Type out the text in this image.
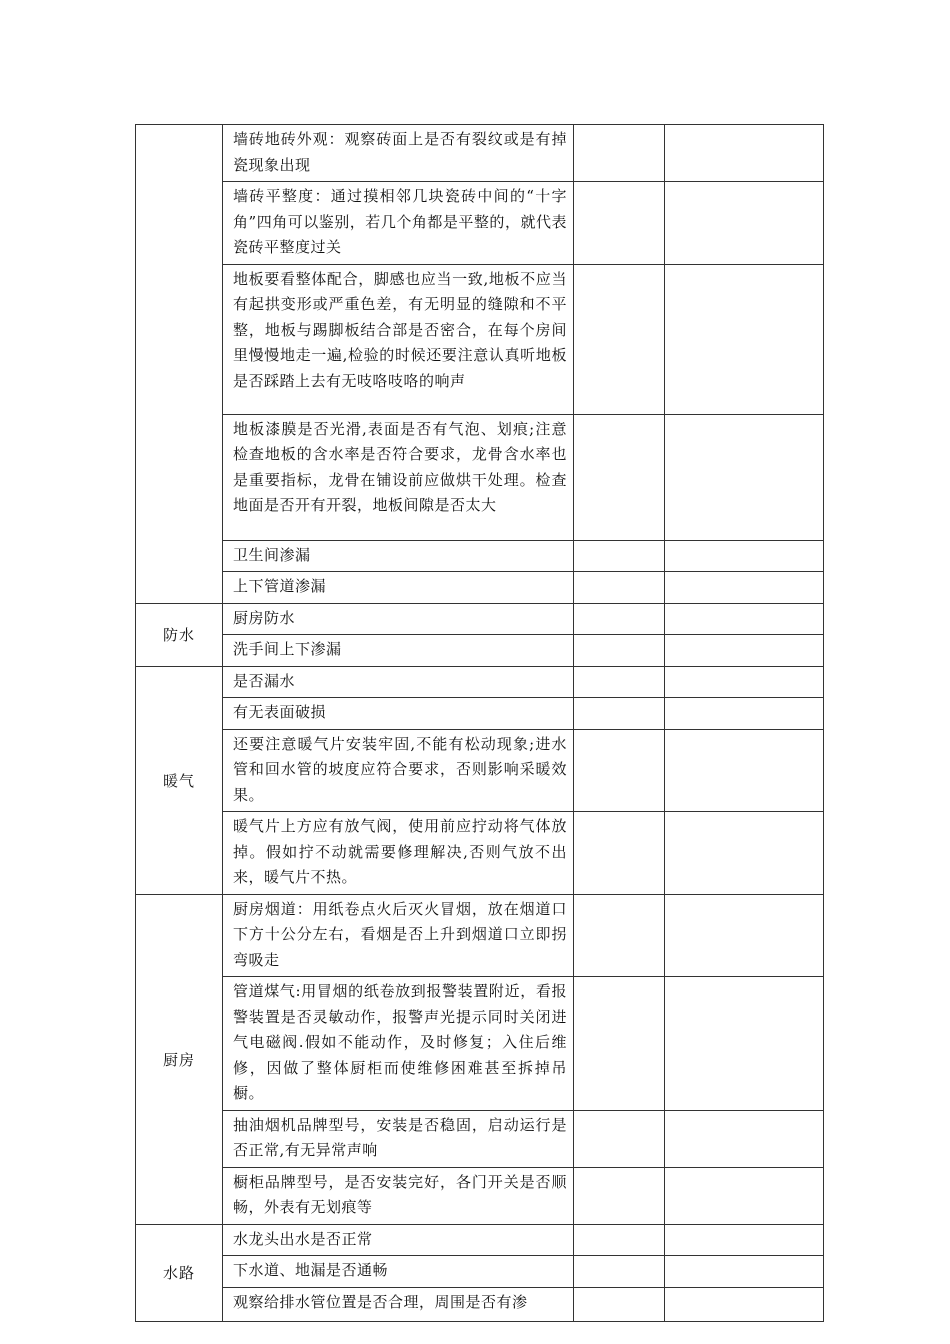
	墙砖地砖外观：观察砖面上是否有裂纹或是有掉瓷现象出现		
	墙砖平整度：通过摸相邻几块瓷砖中间的“十字角”四角可以鉴别，若几个角都是平整的，就代表瓷砖平整度过关		
	地板要看整体配合，脚感也应当一致,地板不应当有起拱变形或严重色差，有无明显的缝隙和不平整，地板与踢脚板结合部是否密合，在每个房间里慢慢地走一遍,检验的时候还要注意认真听地板是否踩踏上去有无吱咯吱咯的响声		
	地板漆膜是否光滑,表面是否有气泡、划痕;注意检查地板的含水率是否符合要求，龙骨含水率也是重要指标，龙骨在铺设前应做烘干处理。检查地面是否开有开裂，地板间隙是否太大		
	卫生间渗漏		
	上下管道渗漏		
防水	厨房防水		
	洗手间上下渗漏		
暖气	是否漏水		
	有无表面破损		
	还要注意暖气片安装牢固,不能有松动现象;进水管和回水管的坡度应符合要求，否则影响采暖效果。		
	暖气片上方应有放气阀，使用前应拧动将气体放掉。假如拧不动就需要修理解决,否则气放不出来，暖气片不热。		
厨房	厨房烟道：用纸卷点火后灭火冒烟，放在烟道口下方十公分左右，看烟是否上升到烟道口立即拐弯吸走		
	管道煤气:用冒烟的纸卷放到报警装置附近，看报警装置是否灵敏动作，报警声光提示同时关闭进气电磁阀.假如不能动作，及时修复；入住后维修，因做了整体厨柜而使维修困难甚至拆掉吊橱。		
	抽油烟机品牌型号，安装是否稳固，启动运行是否正常,有无异常声响		
	橱柜品牌型号，是否安装完好，各门开关是否顺畅，外表有无划痕等		
水路	水龙头出水是否正常		
	下水道、地漏是否通畅		
	观察给排水管位置是否合理，周围是否有渗		
